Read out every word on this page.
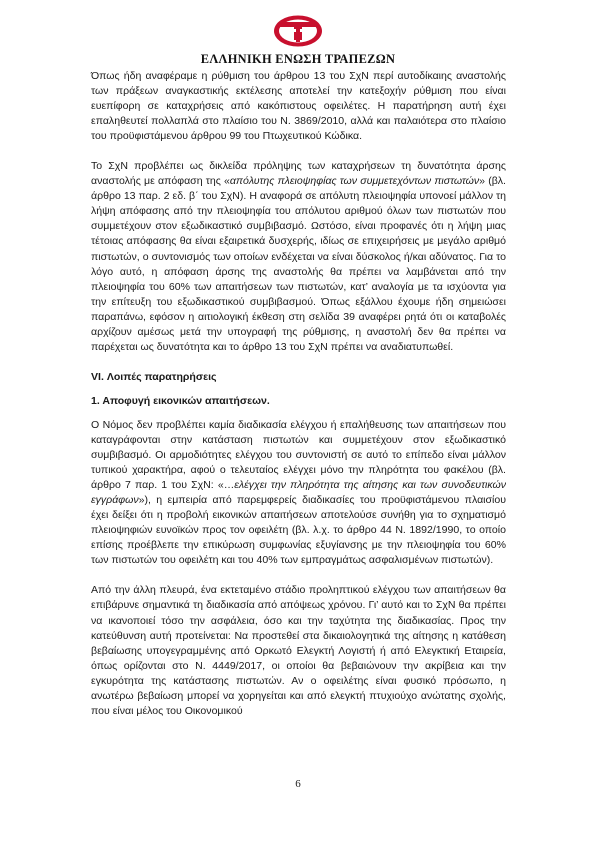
ΕΛΛΗΝΙΚΗ ΕΝΩΣΗ ΤΡΑΠΕΖΩΝ

Όπως ήδη αναφέραμε η ρύθμιση του άρθρου 13 του ΣχΝ περί αυτοδίκαιης αναστολής των πράξεων αναγκαστικής εκτέλεσης αποτελεί την κατεξοχήν ρύθμιση που είναι ευεπίφορη σε καταχρήσεις από κακόπιστους οφειλέτες. Η παρατήρηση αυτή έχει επαληθευτεί πολλαπλά στο πλαίσιο του Ν. 3869/2010, αλλά και παλαιότερα στο πλαίσιο του προϋφιστάμενου άρθρου 99 του Πτωχευτικού Κώδικα.

Το ΣχΝ προβλέπει ως δικλείδα πρόληψης των καταχρήσεων τη δυνατότητα άρσης αναστολής με απόφαση της «απόλυτης πλειοψηφίας των συμμετεχόντων πιστωτών» (βλ. άρθρο 13 παρ. 2 εδ. β΄ του ΣχΝ). Η αναφορά σε απόλυτη πλειοψηφία υπονοεί μάλλον τη λήψη απόφασης από την πλειοψηφία του απόλυτου αριθμού όλων των πιστωτών που συμμετέχουν στον εξωδικαστικό συμβιβασμό. Ωστόσο, είναι προφανές ότι η λήψη μιας τέτοιας απόφασης θα είναι εξαιρετικά δυσχερής, ιδίως σε επιχειρήσεις με μεγάλο αριθμό πιστωτών, ο συντονισμός των οποίων ενδέχεται να είναι δύσκολος ή/και αδύνατος. Για το λόγο αυτό, η απόφαση άρσης της αναστολής θα πρέπει να λαμβάνεται από την πλειοψηφία του 60% των απαιτήσεων των πιστωτών, κατ’ αναλογία με τα ισχύοντα για την επίτευξη του εξωδικαστικού συμβιβασμού. Όπως εξάλλου έχουμε ήδη σημειώσει παραπάνω, εφόσον η αιτιολογική έκθεση στη σελίδα 39 αναφέρει ρητά ότι οι καταβολές αρχίζουν αμέσως μετά την υπογραφή της ρύθμισης, η αναστολή δεν θα πρέπει να παρέχεται ως δυνατότητα και το άρθρο 13 του ΣχΝ πρέπει να αναδιατυπωθεί.

VI. Λοιπές παρατηρήσεις

1. Αποφυγή εικονικών απαιτήσεων.

Ο Νόμος δεν προβλέπει καμία διαδικασία ελέγχου ή επαλήθευσης των απαιτήσεων που καταγράφονται στην κατάσταση πιστωτών και συμμετέχουν στον εξωδικαστικό συμβιβασμό. Οι αρμοδιότητες ελέγχου του συντονιστή σε αυτό το επίπεδο είναι μάλλον τυπικού χαρακτήρα, αφού ο τελευταίος ελέγχει μόνο την πληρότητα του φακέλου (βλ. άρθρο 7 παρ. 1 του ΣχΝ: «…ελέγχει την πληρότητα της αίτησης και των συνοδευτικών εγγράφων»), η εμπειρία από παρεμφερείς διαδικασίες του προϋφιστάμενου πλαισίου έχει δείξει ότι η προβολή εικονικών απαιτήσεων αποτελούσε συνήθη για το σχηματισμό πλειοψηφιών ευνοϊκών προς τον οφειλέτη (βλ. λ.χ. το άρθρο 44 Ν. 1892/1990, το οποίο επίσης προέβλεπε την επικύρωση συμφωνίας εξυγίανσης με την πλειοψηφία του 60% των πιστωτών του οφειλέτη και του 40% των εμπραγμάτως ασφαλισμένων πιστωτών).

Από την άλλη πλευρά, ένα εκτεταμένο στάδιο προληπτικού ελέγχου των απαιτήσεων θα επιβάρυνε σημαντικά τη διαδικασία από απόψεως χρόνου. Γι’ αυτό και το ΣχΝ θα πρέπει να ικανοποιεί τόσο την ασφάλεια, όσο και την ταχύτητα της διαδικασίας. Προς την κατεύθυνση αυτή προτείνεται: Να προστεθεί στα δικαιολογητικά της αίτησης η κατάθεση βεβαίωσης υπογεγραμμένης από Ορκωτό Ελεγκτή Λογιστή ή από Ελεγκτική Εταιρεία, όπως ορίζονται στο Ν. 4449/2017, οι οποίοι θα βεβαιώνουν την ακρίβεια και την εγκυρότητα της κατάστασης πιστωτών. Αν ο οφειλέτης είναι φυσικό πρόσωπο, η ανωτέρω βεβαίωση μπορεί να χορηγείται και από ελεγκτή πτυχιούχο ανώτατης σχολής, που είναι μέλος του Οικονομικού

6
